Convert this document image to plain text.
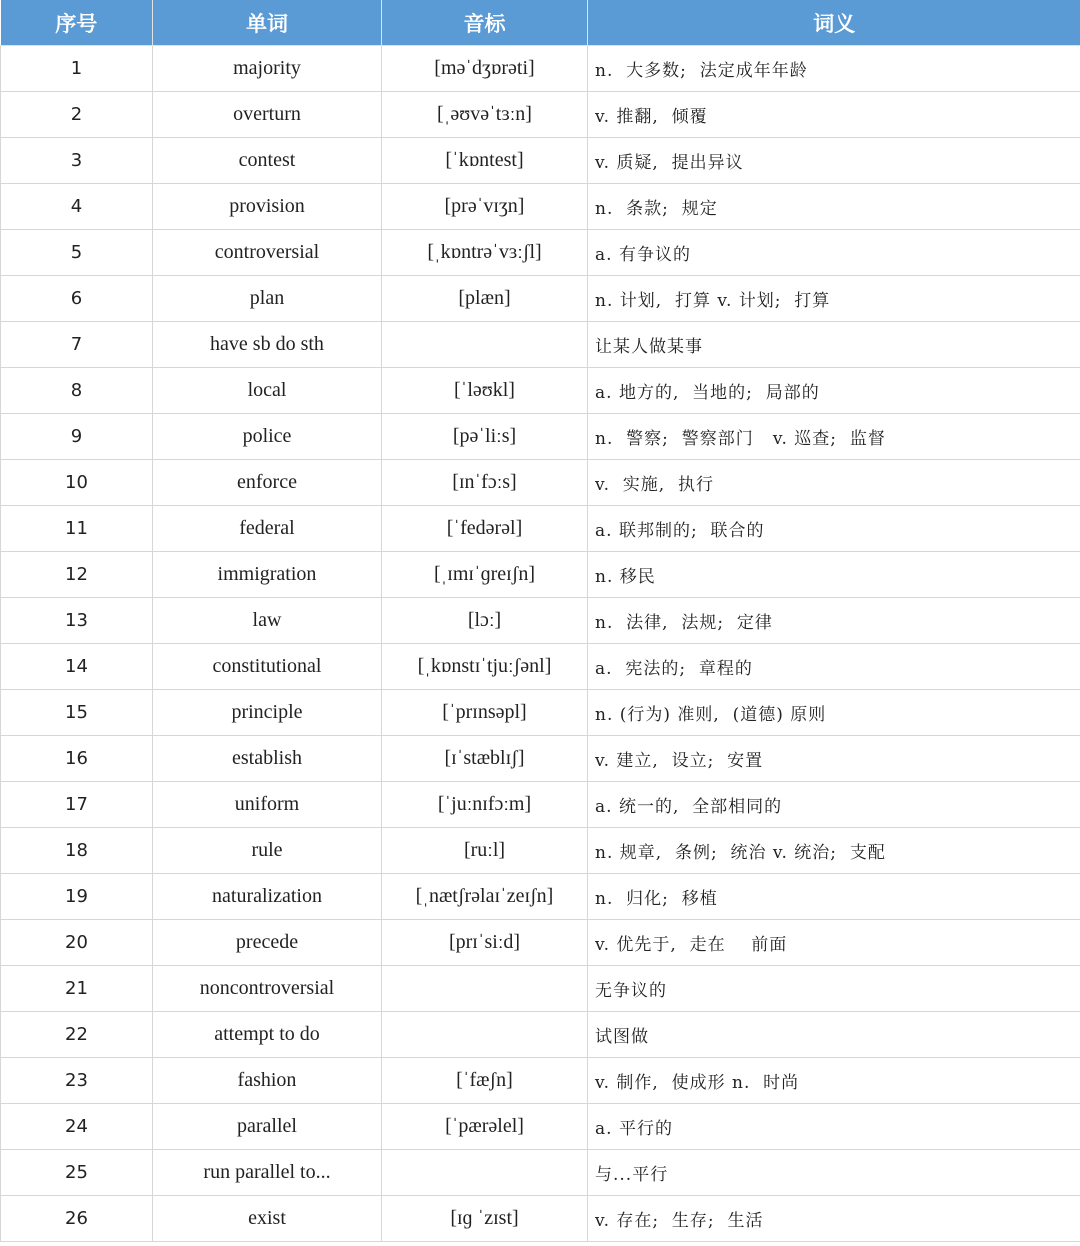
序号	单词	音标	词义
1	majority	[məˈdʒɒrəti]	n.  大多数;  法定成年年龄
2	overturn	[ˌəʊvəˈtɜːn]	v. 推翻,  倾覆
3	contest	[ˈkɒntest]	v. 质疑,  提出异议
4	provision	[prəˈvɪʒn]	n.  条款;  规定
5	controversial	[ˌkɒntrəˈvɜːʃl]	a. 有争议的
6	plan	[plæn]	n. 计划,  打算 v. 计划;  打算
7	have sb do sth		让某人做某事
8	local	[ˈləʊkl]	a. 地方的,  当地的;  局部的
9	police	[pəˈliːs]	n.  警察;  警察部门   v. 巡查;  监督
10	enforce	[ɪnˈfɔːs]	v.  实施,  执行
11	federal	[ˈfedərəl]	a. 联邦制的;  联合的
12	immigration	[ˌɪmɪˈɡreɪʃn]	n. 移民
13	law	[lɔː]	n.  法律,  法规;  定律
14	constitutional	[ˌkɒnstɪˈtjuːʃənl]	a.  宪法的;  章程的
15	principle	[ˈprɪnsəpl]	n. (行为) 准则,  (道德) 原则
16	establish	[ɪˈstæblɪʃ]	v. 建立,  设立;  安置
17	uniform	[ˈjuːnɪfɔːm]	a. 统一的,  全部相同的
18	rule	[ruːl]	n. 规章,  条例;  统治 v. 统治;  支配
19	naturalization	[ˌnætʃrəlaɪˈzeɪʃn]	n.  归化;  移植
20	precede	[prɪˈsiːd]	v. 优先于,  走在    前面
21	noncontroversial		无争议的
22	attempt to do		试图做
23	fashion	[ˈfæʃn]	v. 制作,  使成形 n.  时尚
24	parallel	[ˈpærəlel]	a. 平行的
25	run parallel to...		与...平行
26	exist	[ɪɡ ˈzɪst]	v. 存在;  生存;  生活
